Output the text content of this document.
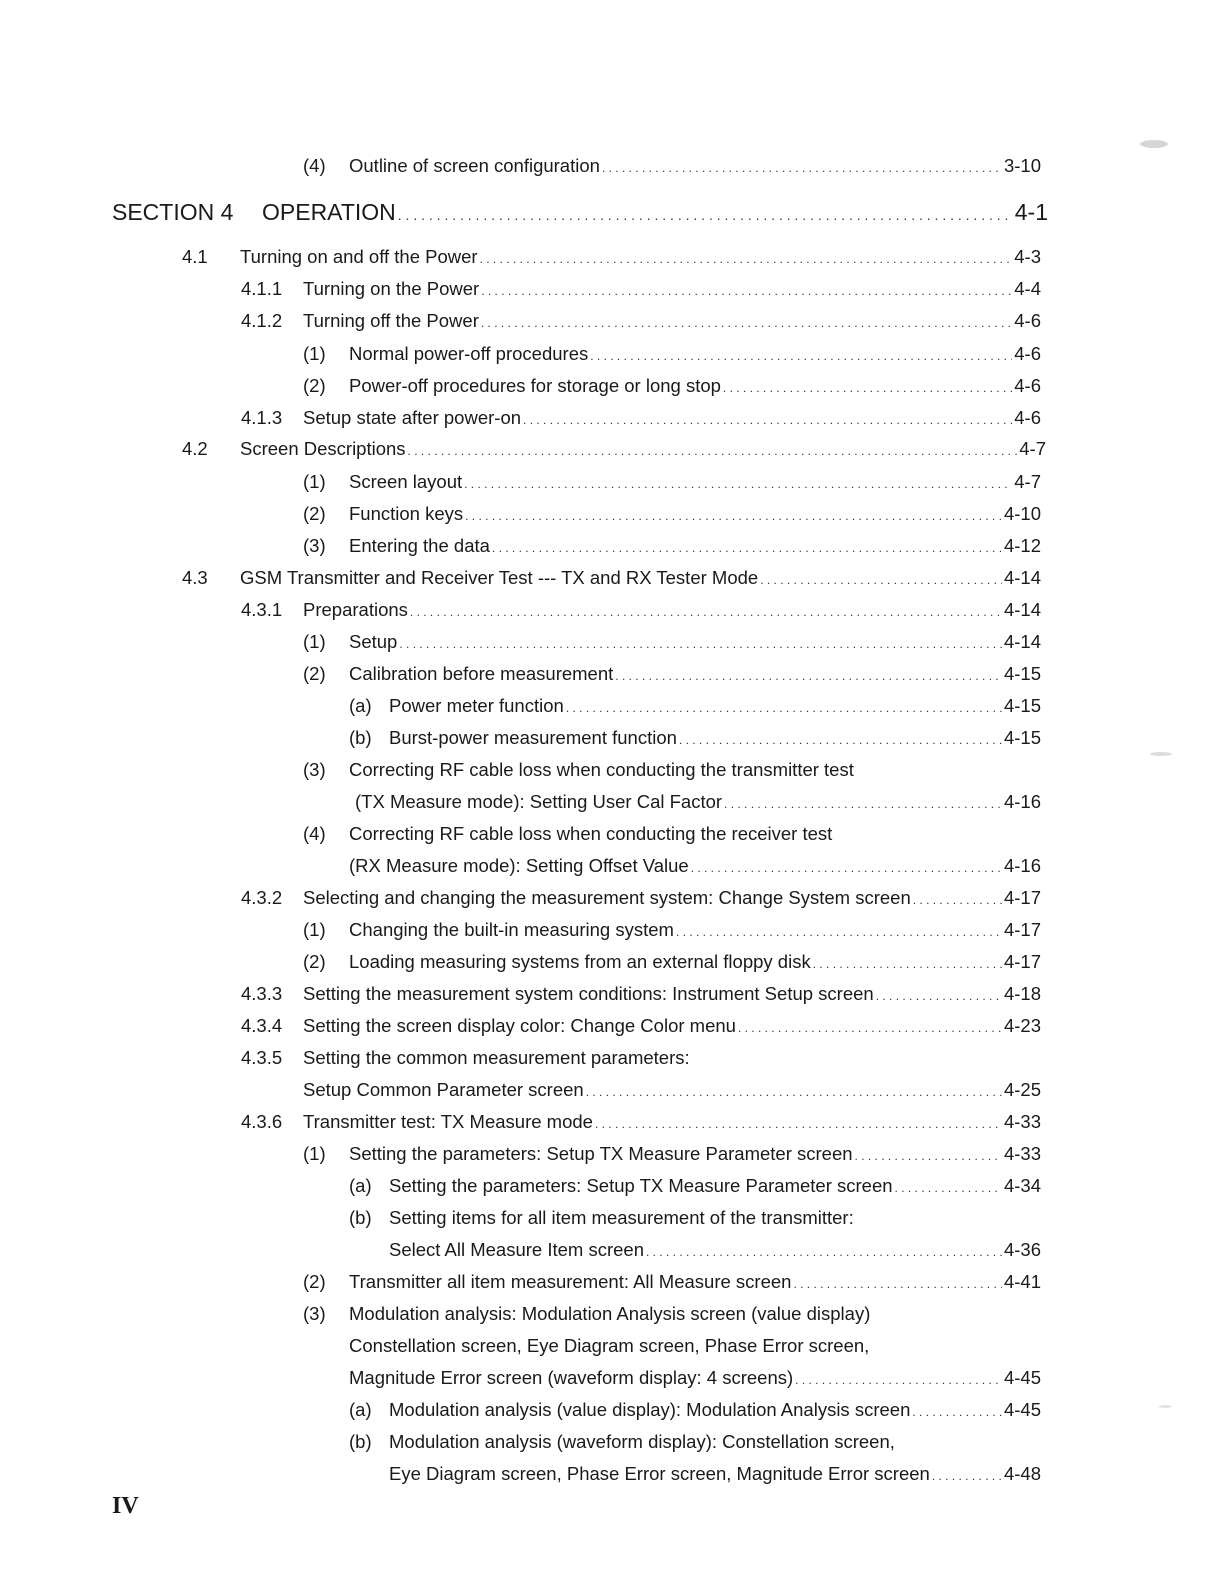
(4)	Outline of screen configuration . . .	3-10
SECTION 4	OPERATION . . .	4-1
4.1	Turning on and off the Power . . .	4-3
4.1.1	Turning on the Power . . .	4-4
4.1.2	Turning off the Power . . .	4-6
(1)	Normal power-off procedures . . .	4-6
(2)	Power-off procedures for storage or long stop . . .	4-6
4.1.3	Setup state after power-on . . .	4-6
4.2	Screen Descriptions . . .	4-7
(1)	Screen layout . . .	4-7
(2)	Function keys . . .	4-10
(3)	Entering the data . . .	4-12
4.3	GSM Transmitter and Receiver Test --- TX and RX Tester Mode . . .	4-14
4.3.1	Preparations . . .	4-14
(1)	Setup . . .	4-14
(2)	Calibration before measurement . . .	4-15
(a) Power meter function . . .	4-15
(b) Burst-power measurement function . . .	4-15
(3) Correcting RF cable loss when conducting the transmitter test
(TX Measure mode): Setting User Cal Factor . . .	4-16
(4) Correcting RF cable loss when conducting the receiver test
(RX Measure mode): Setting Offset Value . . .	4-16
4.3.2	Selecting and changing the measurement system: Change System screen . . .	4-17
(1)	Changing the built-in measuring system . . .	4-17
(2)	Loading measuring systems from an external floppy disk . . .	4-17
4.3.3	Setting the measurement system conditions: Instrument Setup screen . . .	4-18
4.3.4	Setting the screen display color: Change Color menu . . .	4-23
4.3.5 Setting the common measurement parameters:
Setup Common Parameter screen . . .	4-25
4.3.6	Transmitter test: TX Measure mode . . .	4-33
(1)	Setting the parameters: Setup TX Measure Parameter screen . . .	4-33
(a) Setting the parameters: Setup TX Measure Parameter screen . . .	4-34
(b) Setting items for all item measurement of the transmitter:
Select All Measure Item screen . . .	4-36
(2)	Transmitter all item measurement: All Measure screen . . .	4-41
(3) Modulation analysis: Modulation Analysis screen (value display)
Constellation screen, Eye Diagram screen, Phase Error screen,
Magnitude Error screen (waveform display: 4 screens) . . .	4-45
(a) Modulation analysis (value display): Modulation Analysis screen . . .	4-45
(b) Modulation analysis (waveform display): Constellation screen,
Eye Diagram screen, Phase Error screen, Magnitude Error screen . . .	4-48
IV
